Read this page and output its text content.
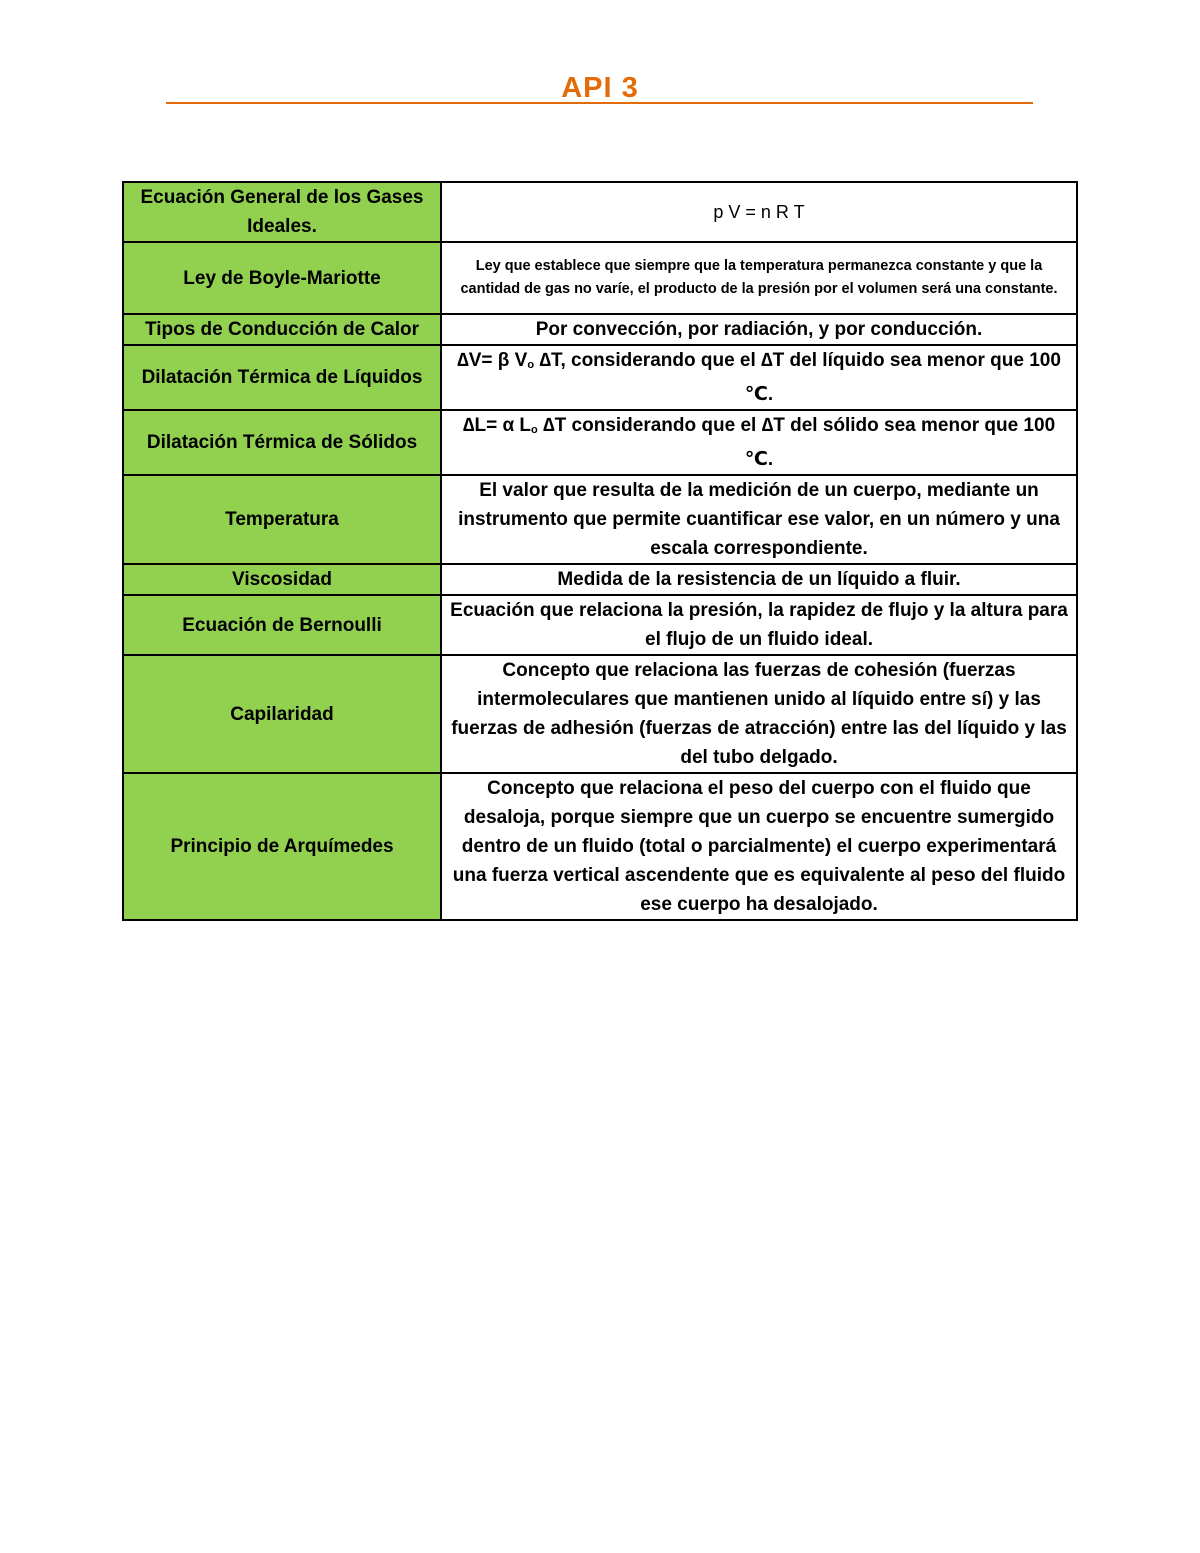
API 3
Ecuación General de los Gases Ideales.	p V = n R T
Ley de Boyle-Mariotte	Ley que establece que siempre que la temperatura permanezca constante y que la cantidad de gas no varíe, el producto de la presión por el volumen será una constante.
Tipos de Conducción de Calor	Por convección, por radiación, y por conducción.
Dilatación Térmica de Líquidos	∆V= β Vo ∆T, considerando que el ∆T del líquido sea menor que 100 ℃.
Dilatación Térmica de Sólidos	∆L= α Lo ∆T considerando que el ∆T del sólido sea menor que 100 ℃.
Temperatura	El valor que resulta de la medición de un cuerpo, mediante un instrumento que permite cuantificar ese valor, en un número y una escala correspondiente.
Viscosidad	Medida de la resistencia de un líquido a fluir.
Ecuación de Bernoulli	Ecuación que relaciona la presión, la rapidez de flujo y la altura para el flujo de un fluido ideal.
Capilaridad	Concepto que relaciona las fuerzas de cohesión (fuerzas intermoleculares que mantienen unido al líquido entre sí) y las fuerzas de adhesión (fuerzas de atracción) entre las del líquido y las del tubo delgado.
Principio de Arquímedes	Concepto que relaciona el peso del cuerpo con el fluido que desaloja, porque siempre que un cuerpo se encuentre sumergido dentro de un fluido (total o parcialmente) el cuerpo experimentará una fuerza vertical ascendente que es equivalente al peso del fluido ese cuerpo ha desalojado.
